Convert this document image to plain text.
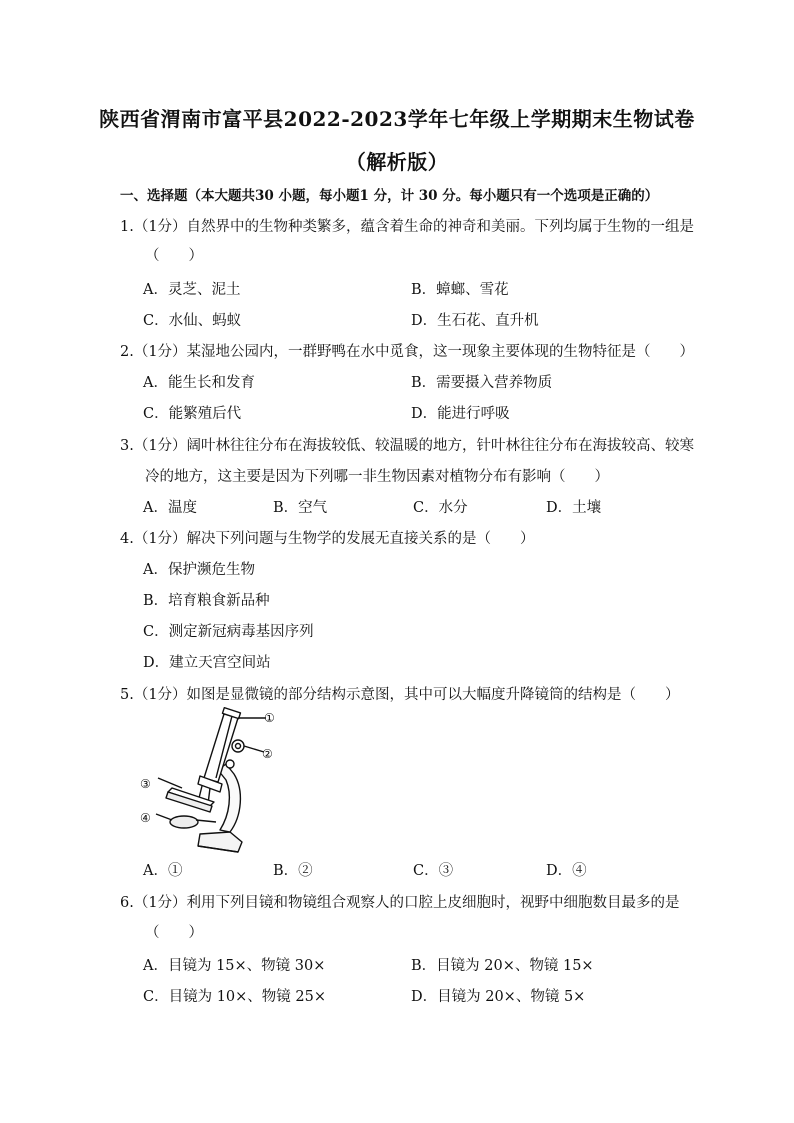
陕西省渭南市富平县2022-2023学年七年级上学期期末生物试卷
（解析版）
一、选择题（本大题共30 小题，每小题1 分，计 30 分。每小题只有一个选项是正确的）
1.（1分）自然界中的生物种类繁多，蕴含着生命的神奇和美丽。下列均属于生物的一组是
（　　）
A．灵芝、泥土	B．蟑螂、雪花
C．水仙、蚂蚁	D．生石花、直升机
2.（1分）某湿地公园内，一群野鸭在水中觅食，这一现象主要体现的生物特征是（　　）
A．能生长和发育	B．需要摄入营养物质
C．能繁殖后代	D．能进行呼吸
3.（1分）阔叶林往往分布在海拔较低、较温暖的地方，针叶林往往分布在海拔较高、较寒
冷的地方，这主要是因为下列哪一非生物因素对植物分布有影响（　　）
A．温度	B．空气	C．水分	D．土壤
4.（1分）解决下列问题与生物学的发展无直接关系的是（　　）
A．保护濒危生物
B．培育粮食新品种
C．测定新冠病毒基因序列
D．建立天宫空间站
5.（1分）如图是显微镜的部分结构示意图，其中可以大幅度升降镜筒的结构是（　　）
①
②
③
④
A．①	B．②	C．③	D．④
6.（1分）利用下列目镜和物镜组合观察人的口腔上皮细胞时，视野中细胞数目最多的是
（　　）
A．目镜为 15×、物镜 30×	B．目镜为 20×、物镜 15×
C．目镜为 10×、物镜 25×	D．目镜为 20×、物镜 5×
